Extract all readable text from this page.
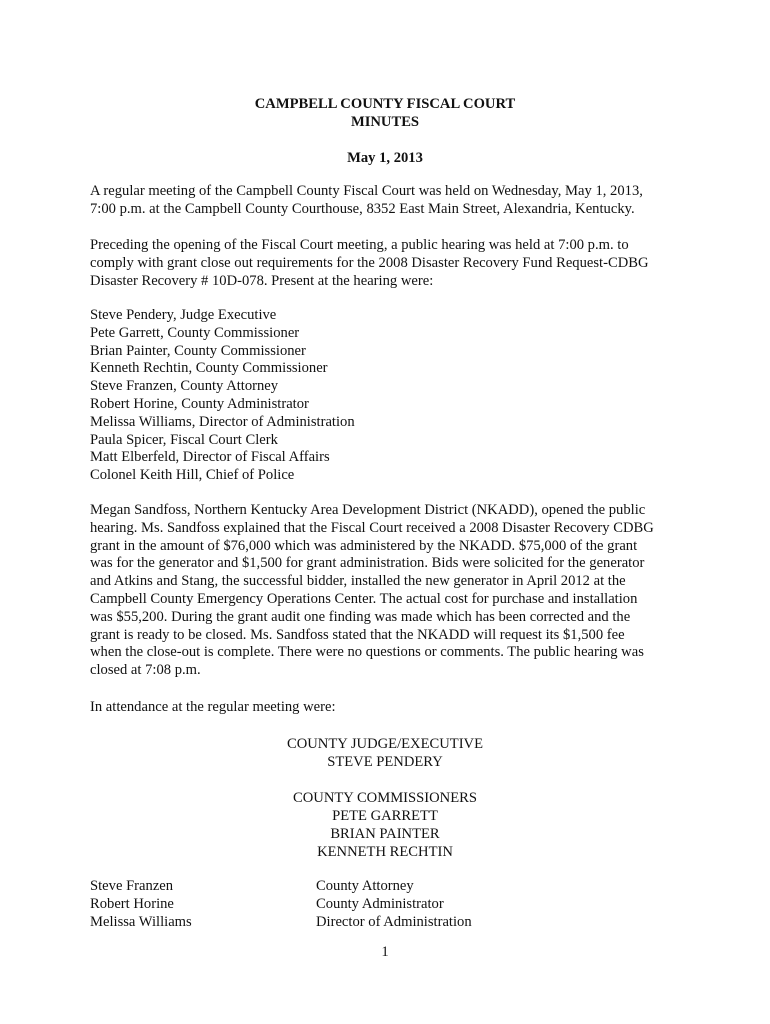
CAMPBELL COUNTY FISCAL COURT
MINUTES
May 1, 2013
A regular meeting of the Campbell County Fiscal Court was held on Wednesday, May 1, 2013,
7:00 p.m. at the Campbell County Courthouse, 8352 East Main Street, Alexandria, Kentucky.
Preceding the opening of the Fiscal Court meeting, a public hearing was held at 7:00 p.m. to
comply with grant close out requirements for the 2008 Disaster Recovery Fund Request-CDBG
Disaster Recovery # 10D-078. Present at the hearing were:
Steve Pendery, Judge Executive
Pete Garrett, County Commissioner
Brian Painter, County Commissioner
Kenneth Rechtin, County Commissioner
Steve Franzen, County Attorney
Robert Horine, County Administrator
Melissa Williams, Director of Administration
Paula Spicer, Fiscal Court Clerk
Matt Elberfeld, Director of Fiscal Affairs
Colonel Keith Hill, Chief of Police
Megan Sandfoss, Northern Kentucky Area Development District (NKADD), opened the public
hearing. Ms. Sandfoss explained that the Fiscal Court received a 2008 Disaster Recovery CDBG
grant in the amount of $76,000 which was administered by the NKADD. $75,000 of the grant
was for the generator and $1,500 for grant administration. Bids were solicited for the generator
and Atkins and Stang, the successful bidder, installed the new generator in April 2012 at the
Campbell County Emergency Operations Center. The actual cost for purchase and installation
was $55,200. During the grant audit one finding was made which has been corrected and the
grant is ready to be closed. Ms. Sandfoss stated that the NKADD will request its $1,500 fee
when the close-out is complete. There were no questions or comments. The public hearing was
closed at 7:08 p.m.
In attendance at the regular meeting were:
COUNTY JUDGE/EXECUTIVE
STEVE PENDERY
COUNTY COMMISSIONERS
PETE GARRETT
BRIAN PAINTER
KENNETH RECHTIN
Steve Franzen	County Attorney
Robert Horine	County Administrator
Melissa Williams	Director of Administration
1
